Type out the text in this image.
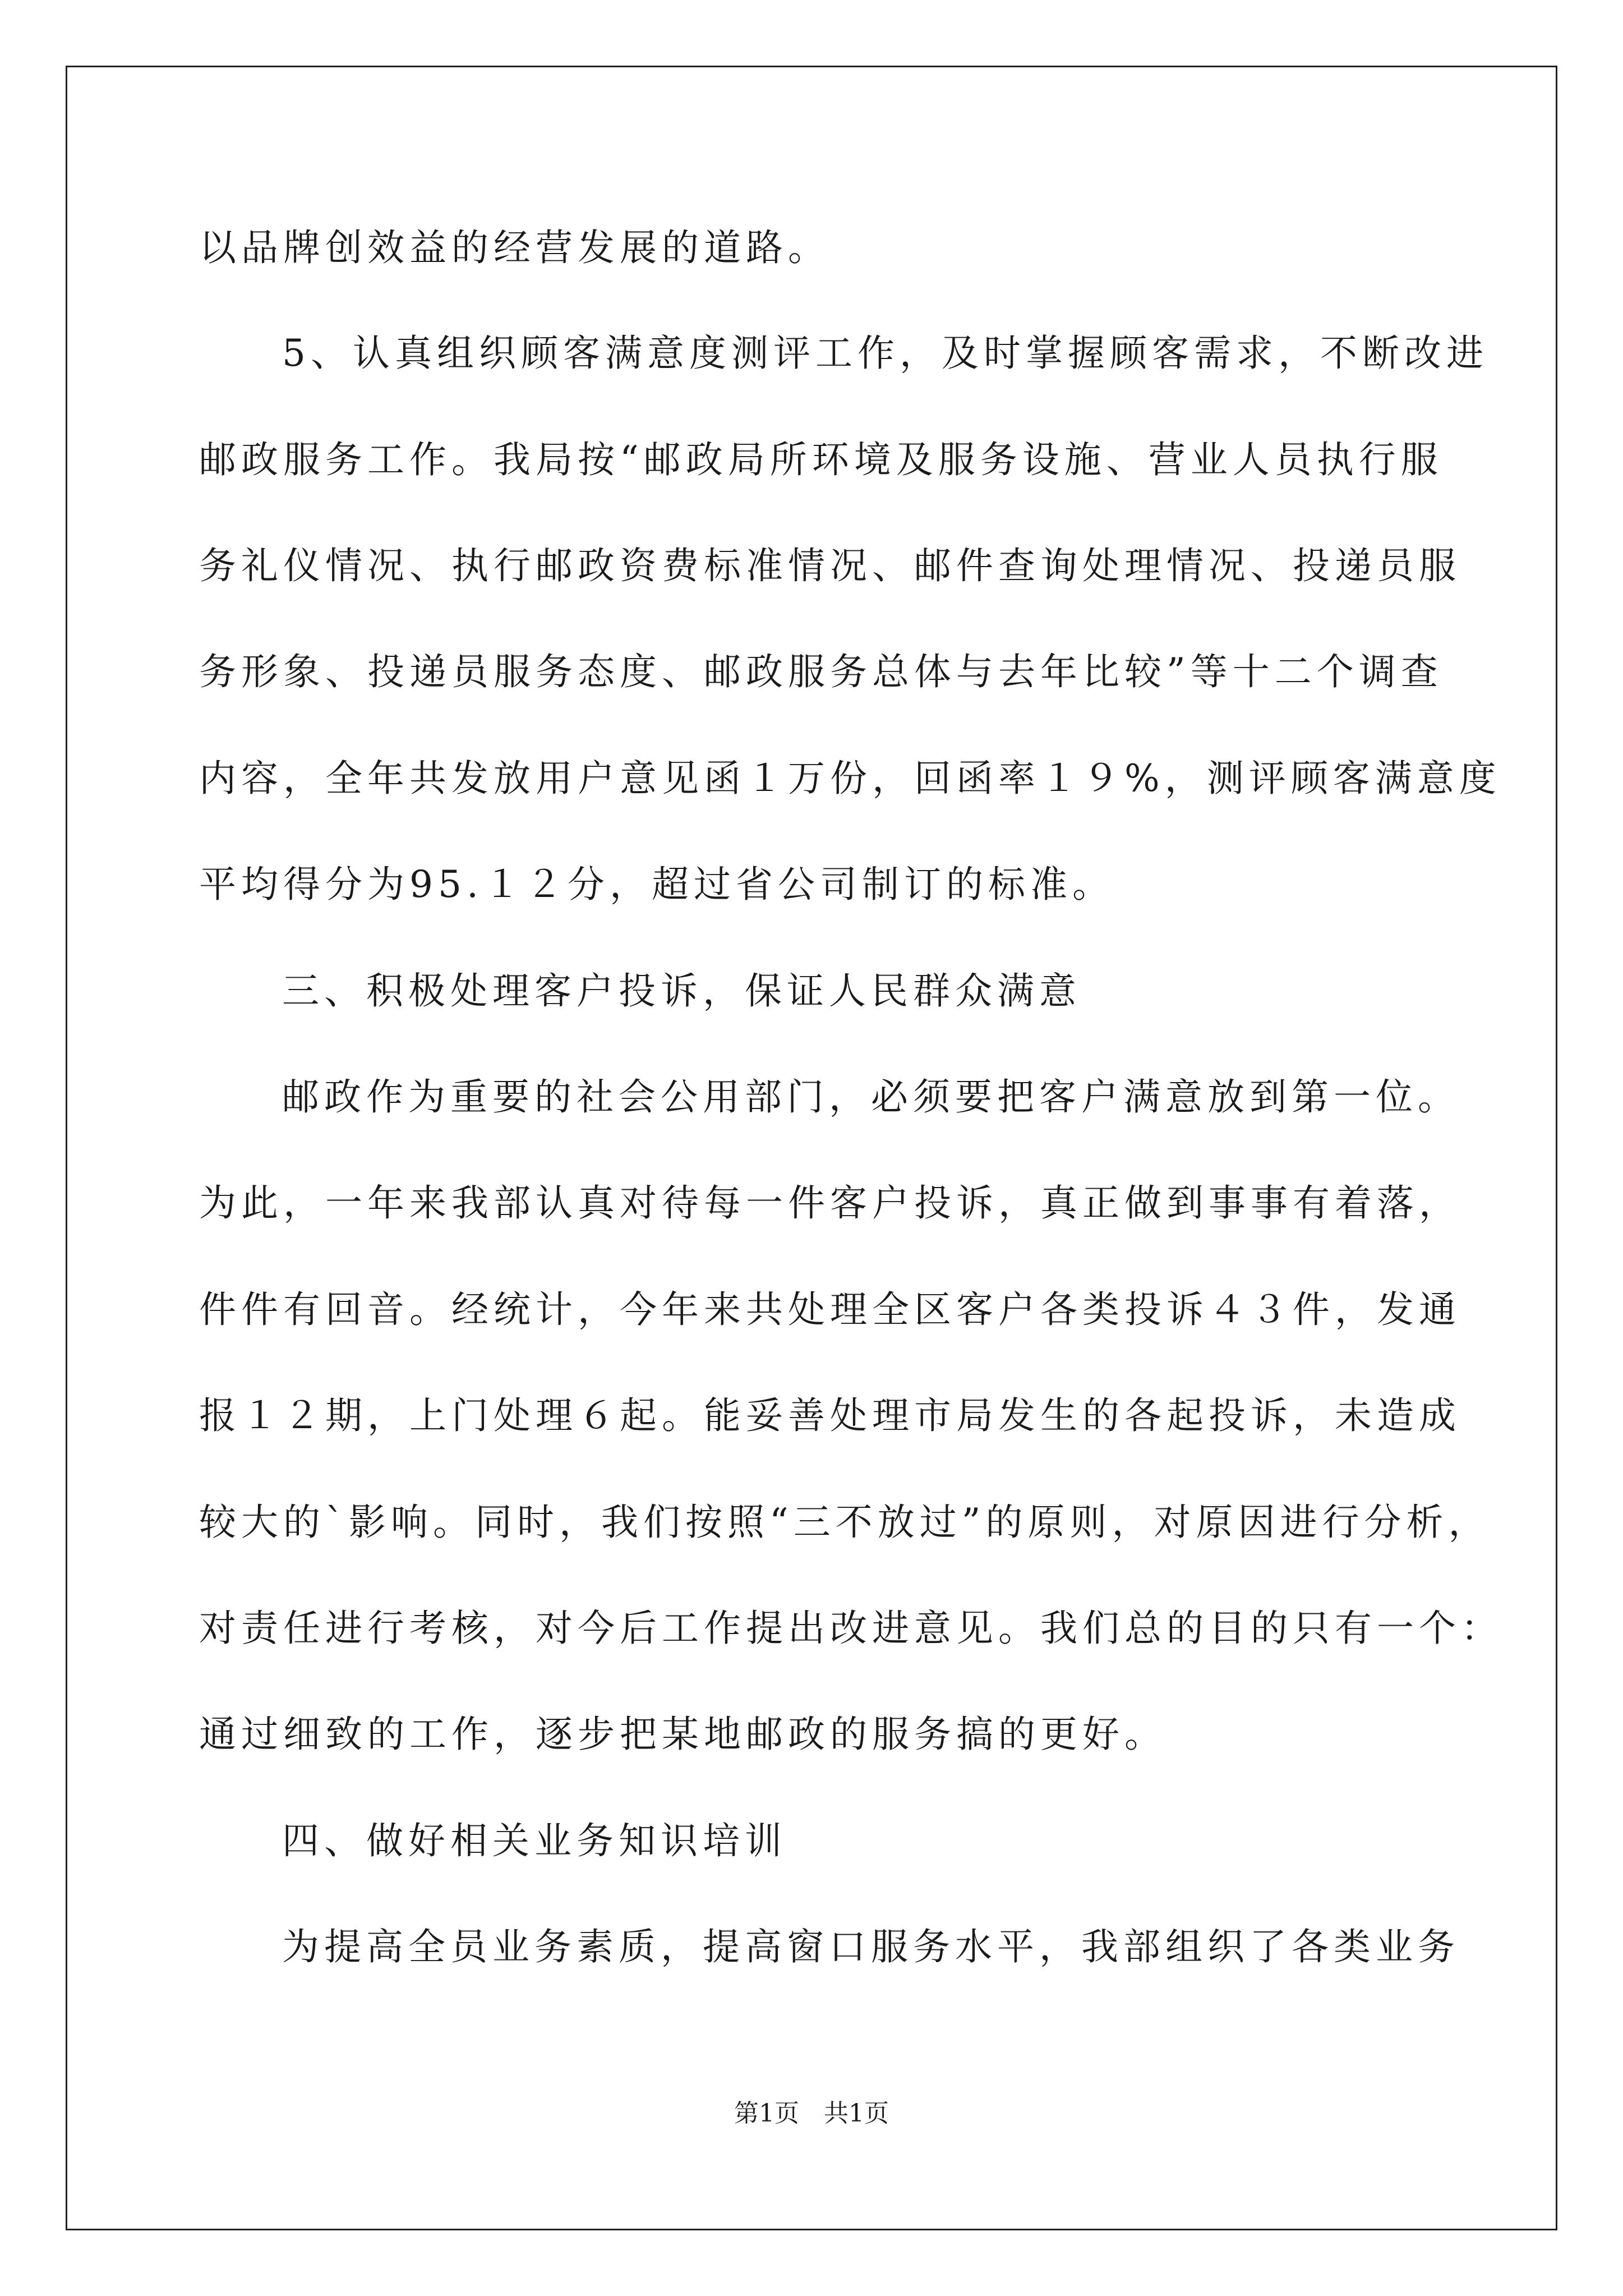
以品牌创效益的经营发展的道路。
5、认真组织顾客满意度测评工作，及时掌握顾客需求，不断改进
邮政服务工作。我局按“邮政局所环境及服务设施、营业人员执行服
务礼仪情况、执行邮政资费标准情况、邮件查询处理情况、投递员服
务形象、投递员服务态度、邮政服务总体与去年比较”等十二个调查
内容，全年共发放用户意见函１万份，回函率１９%，测评顾客满意度
平均得分为95.１２分，超过省公司制订的标准。
三、积极处理客户投诉，保证人民群众满意
邮政作为重要的社会公用部门，必须要把客户满意放到第一位。
为此，一年来我部认真对待每一件客户投诉，真正做到事事有着落，
件件有回音。经统计，今年来共处理全区客户各类投诉４３件，发通
报１２期，上门处理６起。能妥善处理市局发生的各起投诉，未造成
较大的`影响。同时，我们按照“三不放过”的原则，对原因进行分析，
对责任进行考核，对今后工作提出改进意见。我们总的目的只有一个：
通过细致的工作，逐步把某地邮政的服务搞的更好。
四、做好相关业务知识培训
为提高全员业务素质，提高窗口服务水平，我部组织了各类业务
第1页　共1页
